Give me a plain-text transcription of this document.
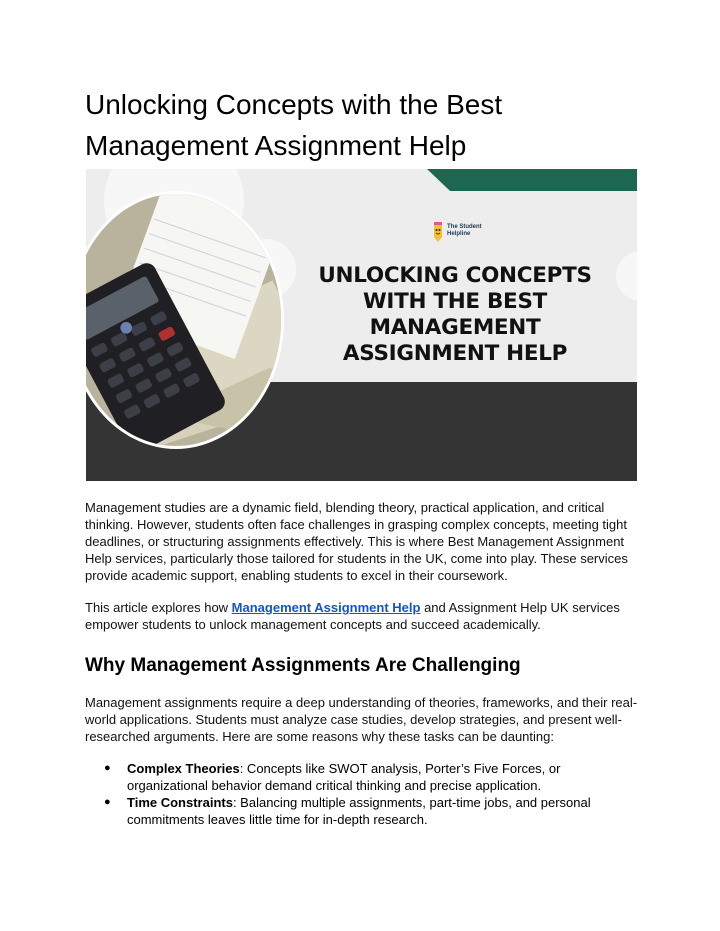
Unlocking Concepts with the Best Management Assignment Help
The Student Helpline
UNLOCKING CONCEPTS WITH THE BEST MANAGEMENT ASSIGNMENT HELP

Management studies are a dynamic field, blending theory, practical application, and critical thinking. However, students often face challenges in grasping complex concepts, meeting tight deadlines, or structuring assignments effectively. This is where Best Management Assignment Help services, particularly those tailored for students in the UK, come into play. These services provide academic support, enabling students to excel in their coursework.

This article explores how Management Assignment Help and Assignment Help UK services empower students to unlock management concepts and succeed academically.

Why Management Assignments Are Challenging

Management assignments require a deep understanding of theories, frameworks, and their real-world applications. Students must analyze case studies, develop strategies, and present well-researched arguments. Here are some reasons why these tasks can be daunting:

● Complex Theories: Concepts like SWOT analysis, Porter’s Five Forces, or organizational behavior demand critical thinking and precise application.
● Time Constraints: Balancing multiple assignments, part-time jobs, and personal commitments leaves little time for in-depth research.
